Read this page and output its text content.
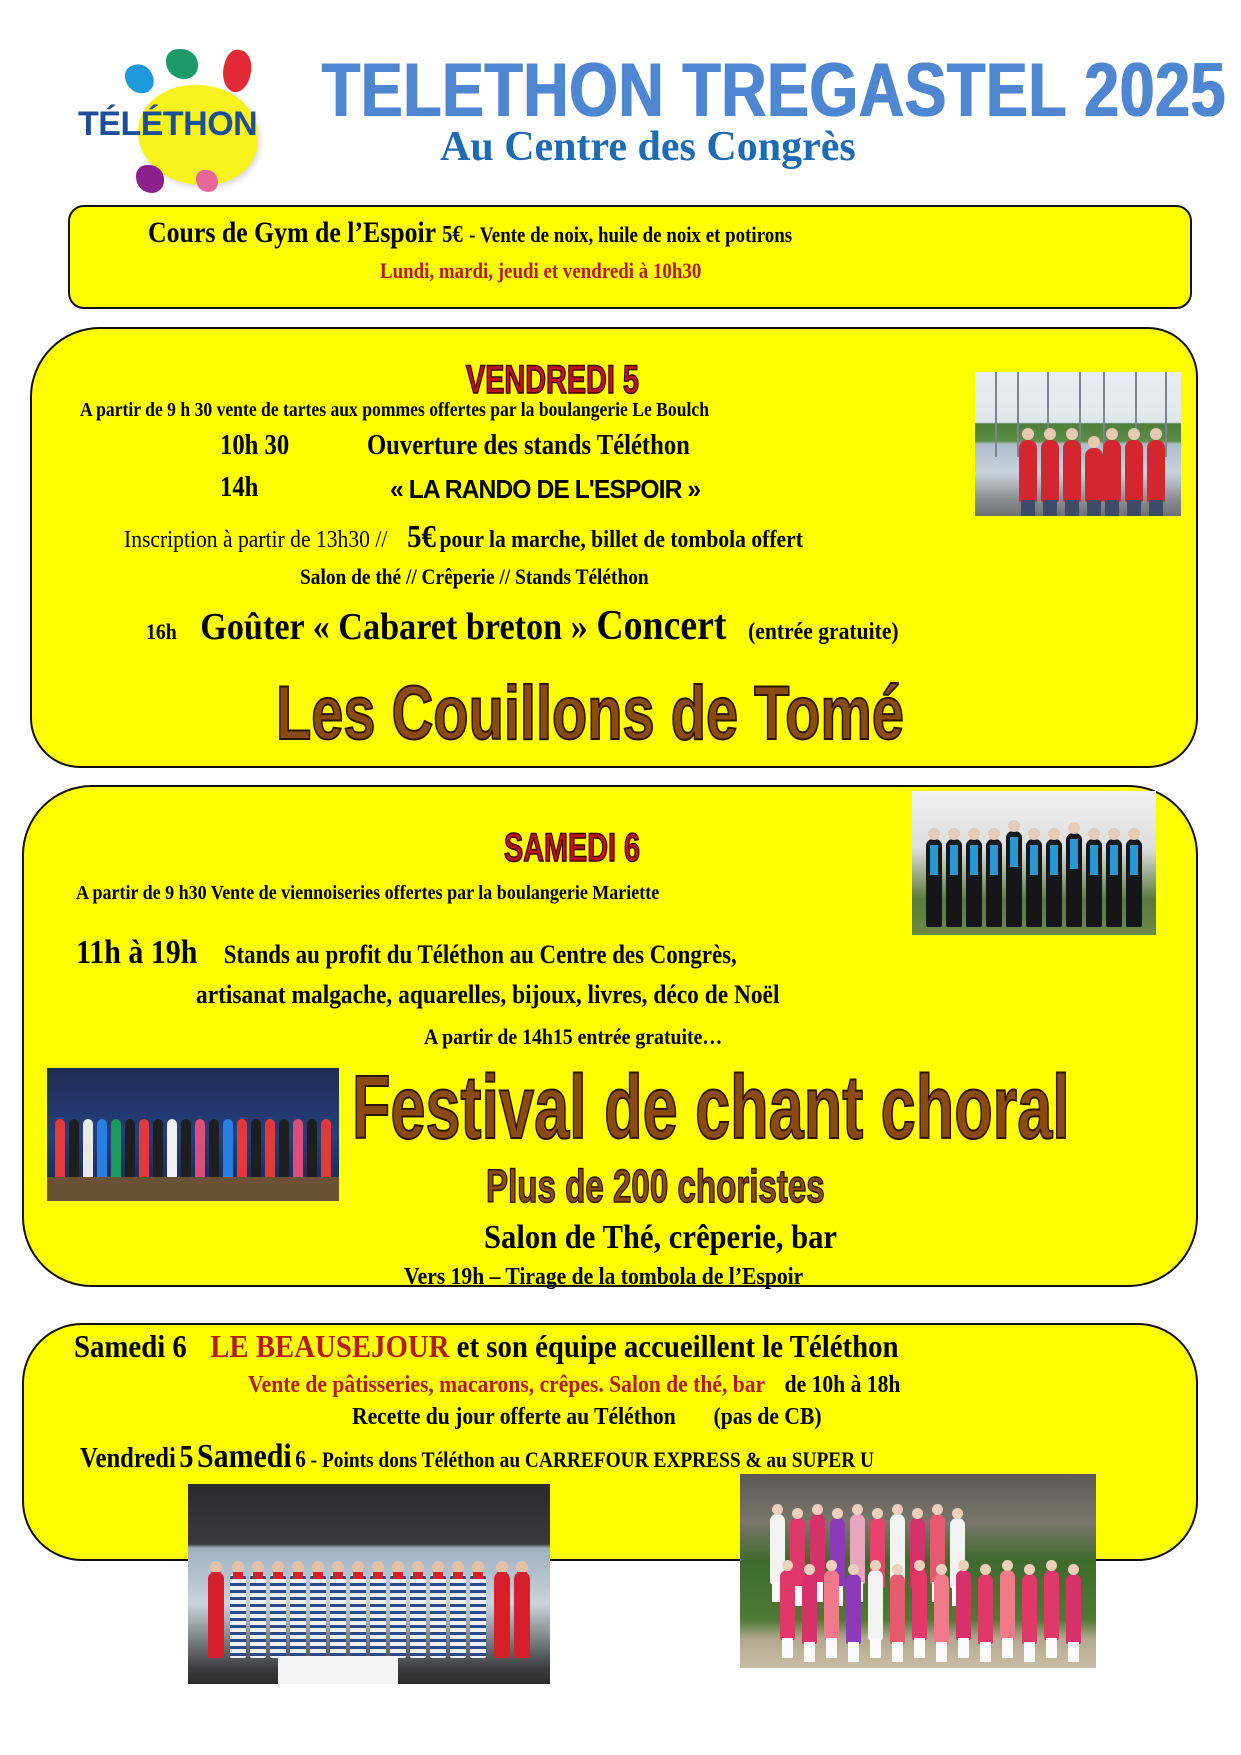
TÉLÉTHON TELETHON TREGASTEL 2025
Au Centre des Congrès
Cours de Gym de l’Espoir 5€ - Vente de noix, huile de noix et potirons
Lundi, mardi, jeudi et vendredi à 10h30
VENDREDI 5
A partir de 9 h 30 vente de tartes aux pommes offertes par la boulangerie Le Boulch
10h 30	Ouverture des stands Téléthon
14h	« LA RANDO DE L'ESPOIR »
Inscription à partir de 13h30 // 5€ pour la marche, billet de tombola offert
Salon de thé // Crêperie // Stands Téléthon
16h Goûter « Cabaret breton » Concert (entrée gratuite)
Les Couillons de Tomé
SAMEDI 6
A partir de 9 h30 Vente de viennoiseries offertes par la boulangerie Mariette
11h à 19h Stands au profit du Téléthon au Centre des Congrès,
artisanat malgache, aquarelles, bijoux, livres, déco de Noël
A partir de 14h15 entrée gratuite…
Festival de chant choral
Plus de 200 choristes
Salon de Thé, crêperie, bar
Vers 19h – Tirage de la tombola de l’Espoir
Samedi 6 LE BEAUSEJOUR et son équipe accueillent le Téléthon
Vente de pâtisseries, macarons, crêpes. Salon de thé, bar de 10h à 18h
Recette du jour offerte au Téléthon (pas de CB)
Vendredi 5 Samedi 6 - Points dons Téléthon au CARREFOUR EXPRESS & au SUPER U
